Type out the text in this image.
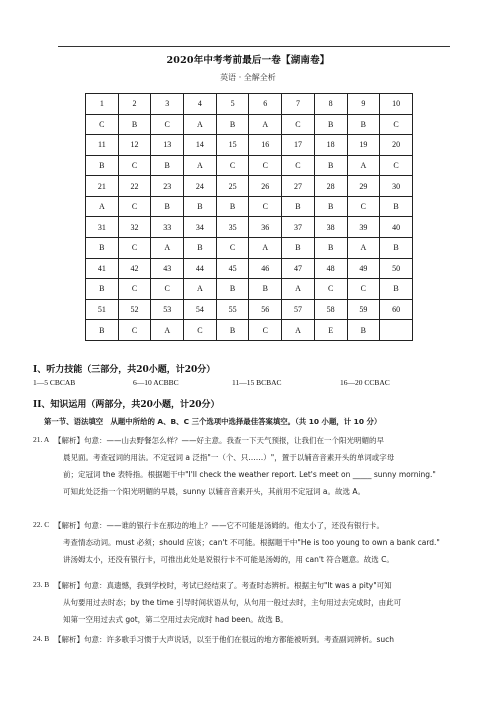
2020年中考考前最后一卷【湖南卷】
英语 · 全解全析
1	2	3	4	5	6	7	8	9	10
C	B	C	A	B	A	C	B	B	C
11	12	13	14	15	16	17	18	19	20
B	C	B	A	C	C	C	B	A	C
21	22	23	24	25	26	27	28	29	30
A	C	B	B	B	C	B	B	C	B
31	32	33	34	35	36	37	38	39	40
B	C	A	B	C	A	B	B	A	B
41	42	43	44	45	46	47	48	49	50
B	C	C	A	B	B	A	C	C	B
51	52	53	54	55	56	57	58	59	60
B	C	A	C	B	C	A	E	B	
I、听力技能（三部分，共20小题，计20分）
1—5 CBCAB	6—10 ACBBC	11—15 BCBAC	16—20 CCBAC
II、知识运用（两部分，共20小题，计20分）
第一节、语法填空　从题中所给的 A、B、C 三个选项中选择最佳答案填空。（共 10 小题，计 10 分）
21. A 【解析】句意：——山去野餐怎么样？——好主意。我查一下天气预报，让我们在一个阳光明媚的早
晨见面。考查冠词的用法。不定冠词 a 泛指"一（个、只……）"，置于以辅音音素开头的单词或字母
前；定冠词 the 表特指。根据题干中"I'll check the weather report. Let's meet on _____ sunny morning."
可知此处泛指一个阳光明媚的早晨，sunny 以辅音音素开头，其前用不定冠词 a。故选 A。
22. C 【解析】句意：——谁的银行卡在那边的地上？——它不可能是汤姆的。他太小了，还没有银行卡。
考查情态动词。must 必须；should 应该；can't 不可能。根据题干中"He is too young to own a bank card."
讲汤姆太小，还没有银行卡，可推出此处是说银行卡不可能是汤姆的，用 can't 符合题意。故选 C。
23. B 【解析】句意：真遗憾，我到学校时，考试已经结束了。考查时态辨析。根据主句"It was a pity"可知
从句要用过去时态；by the time 引导时间状语从句，从句用一般过去时，主句用过去完成时，由此可
知第一空用过去式 got，第二空用过去完成时 had been。故选 B。
24. B 【解析】句意：许多歌手习惯于大声说话，以至于他们在很远的地方都能被听到。考查副词辨析。such
